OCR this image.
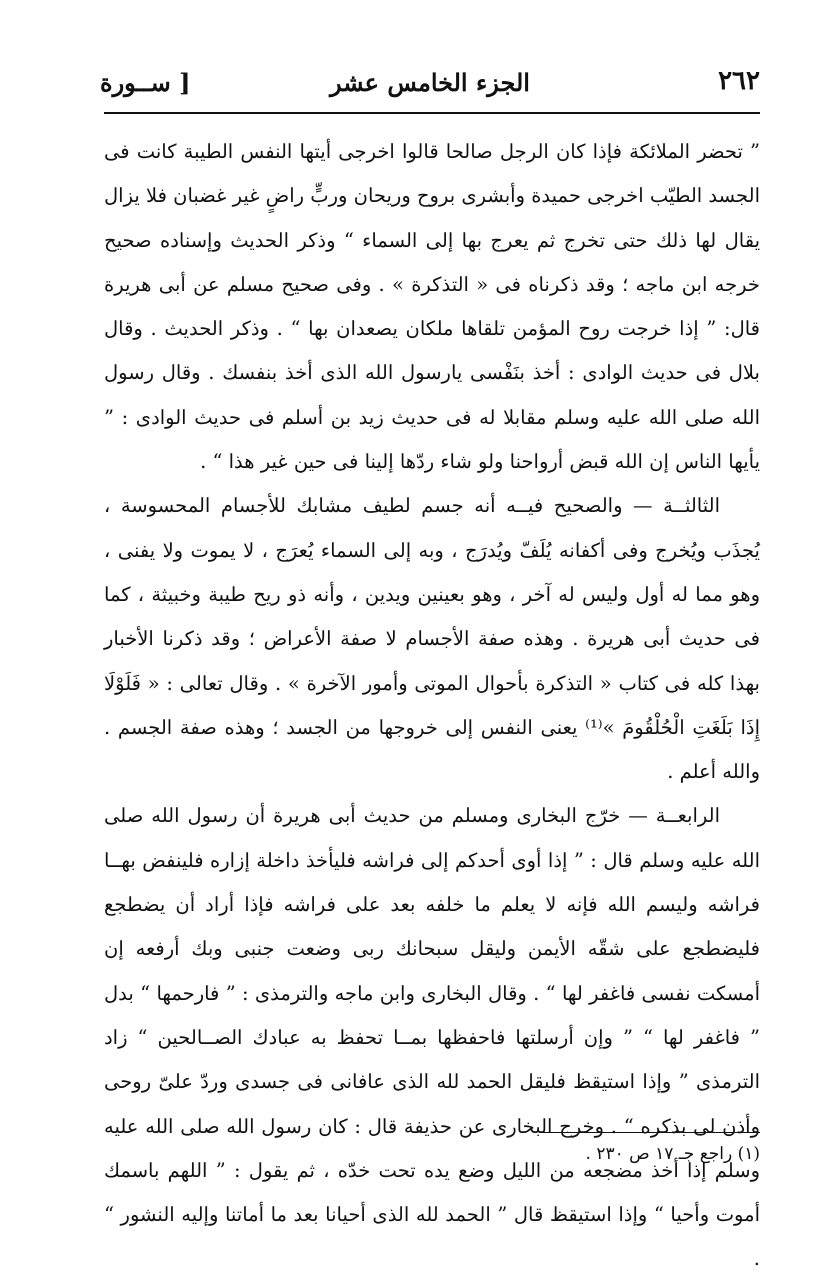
٢٦٢
الجزء الخامس عشر
[ ســورة

” تحضر الملائكة فإذا كان الرجل صالحا قالوا اخرجى أيتها النفس الطيبة كانت فى الجسد الطيّب اخرجى حميدة وأبشرى بروح وريحان وربٍّ راضٍ غير غضبان فلا يزال يقال لها ذلك حتى تخرج ثم يعرج بها إلى السماء “ وذكر الحديث وإسناده صحيح خرجه ابن ماجه ؛ وقد ذكرناه فى « التذكرة » . وفى صحيح مسلم عن أبى هريرة قال: ” إذا خرجت روح المؤمن تلقاها ملكان يصعدان بها “ . وذكر الحديث . وقال بلال فى حديث الوادى : أخذ بنَفْسى يارسول الله الذى أخذ بنفسك . وقال رسول الله صلى الله عليه وسلم مقابلا له فى حديث زيد بن أسلم فى حديث الوادى : ” يأيها الناس إن الله قبض أرواحنا ولو شاء ردّها إلينا فى حين غير هذا “ .

الثالثــة — والصحيح فيــه أنه جسم لطيف مشابك للأجسام المحسوسة ، يُجذَب ويُخرج وفى أكفانه يُلَفّ ويُدرَج ، وبه إلى السماء يُعرَج ، لا يموت ولا يفنى ، وهو مما له أول وليس له آخر ، وهو بعينين ويدين ، وأنه ذو ريح طيبة وخبيثة ، كما فى حديث أبى هريرة . وهذه صفة الأجسام لا صفة الأعراض ؛ وقد ذكرنا الأخبار بهذا كله فى كتاب « التذكرة بأحوال الموتى وأمور الآخرة » . وقال تعالى : « فَلَوْلَا إِذَا بَلَغَتِ الْحُلْقُومَ »⁽¹⁾ يعنى النفس إلى خروجها من الجسد ؛ وهذه صفة الجسم . والله أعلم .

الرابعــة — خرّج البخارى ومسلم من حديث أبى هريرة أن رسول الله صلى الله عليه وسلم قال : ” إذا أوى أحدكم إلى فراشه فليأخذ داخلة إزاره فلينفض بهــا فراشه وليسم الله فإنه لا يعلم ما خلفه بعد على فراشه فإذا أراد أن يضطجع فليضطجع على شقّه الأيمن وليقل سبحانك ربى وضعت جنبى وبك أرفعه إن أمسكت نفسى فاغفر لها “ . وقال البخارى وابن ماجه والترمذى : ” فارحمها “ بدل ” فاغفر لها “ ” وإن أرسلتها فاحفظها بمــا تحفظ به عبادك الصــالحين “ زاد الترمذى ” وإذا استيقظ فليقل الحمد لله الذى عافانى فى جسدى وردّ علىّ روحى وأذن لى بذكره “ . وخرج البخارى عن حذيفة قال : كان رسول الله صلى الله عليه وسلم إذا أخذ مضجعه من الليل وضع يده تحت خدّه ، ثم يقول : ” اللهم باسمك أموت وأحيا “ وإذا استيقظ قال ” الحمد لله الذى أحيانا بعد ما أماتنا وإليه النشور “ .

(١) راجع جـ ١٧ ص ٢٣٠ .
